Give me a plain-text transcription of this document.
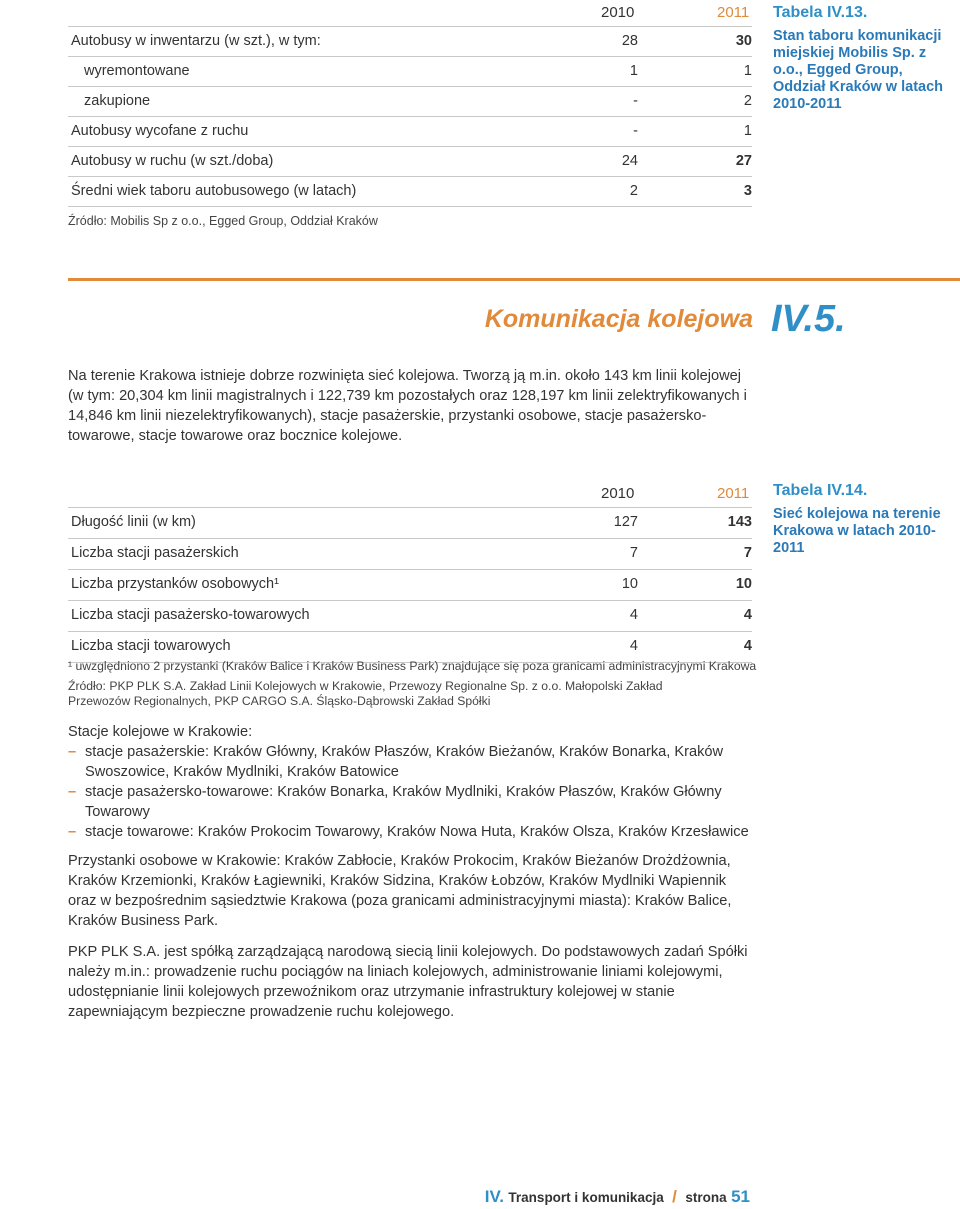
2010	2011
Autobusy w inwentarzu (w szt.), w tym:	28	30
wyremontowane	1	1
zakupione	-	2
Autobusy wycofane z ruchu	-	1
Autobusy w ruchu (w szt./doba)	24	27
Średni wiek taboru autobusowego (w latach)	2	3
Źródło: Mobilis Sp z o.o., Egged Group, Oddział Kraków
Tabela IV.13.
Stan taboru komunikacji miejskiej Mobilis Sp. z o.o., Egged Group, Oddział Kraków w latach 2010-2011
Komunikacja kolejowa IV.5.
Na terenie Krakowa istnieje dobrze rozwinięta sieć kolejowa. Tworzą ją m.in. około 143 km linii kolejowej (w tym: 20,304 km linii magistralnych i 122,739 km pozostałych oraz 128,197 km linii zelektryfikowanych i 14,846 km linii niezelektryfikowanych), stacje pasażerskie, przystanki osobowe, stacje pasażersko-towarowe, stacje towarowe oraz bocznice kolejowe.
2010	2011
Długość linii (w km)	127	143
Liczba stacji pasażerskich	7	7
Liczba przystanków osobowych¹	10	10
Liczba stacji pasażersko-towarowych	4	4
Liczba stacji towarowych	4	4
Tabela IV.14.
Sieć kolejowa na terenie Krakowa w latach 2010-2011
¹ uwzględniono 2 przystanki (Kraków Balice i Kraków Business Park) znajdujące się poza granicami administracyjnymi Krakowa
Źródło: PKP PLK S.A. Zakład Linii Kolejowych w Krakowie, Przewozy Regionalne Sp. z o.o. Małopolski Zakład Przewozów Regionalnych, PKP CARGO S.A. Śląsko-Dąbrowski Zakład Spółki

Stacje kolejowe w Krakowie:

– stacje pasażerskie: Kraków Główny, Kraków Płaszów, Kraków Bieżanów, Kraków Bonarka, Kraków Swoszowice, Kraków Mydlniki, Kraków Batowice
– stacje pasażersko-towarowe: Kraków Bonarka, Kraków Mydlniki, Kraków Płaszów, Kraków Główny Towarowy
– stacje towarowe: Kraków Prokocim Towarowy, Kraków Nowa Huta, Kraków Olsza, Kraków Krzesławice
Przystanki osobowe w Krakowie: Kraków Zabłocie, Kraków Prokocim, Kraków Bieżanów Drożdżownia, Kraków Krzemionki, Kraków Łagiewniki, Kraków Sidzina, Kraków Łobzów, Kraków Mydlniki Wapiennik oraz w bezpośrednim sąsiedztwie Krakowa (poza granicami administracyjnymi miasta): Kraków Balice, Kraków Business Park.
PKP PLK S.A. jest spółką zarządzającą narodową siecią linii kolejowych. Do podstawowych zadań Spółki należy m.in.: prowadzenie ruchu pociągów na liniach kolejowych, administrowanie liniami kolejowymi, udostępnianie linii kolejowych przewoźnikom oraz utrzymanie infrastruktury kolejowej w stanie zapewniającym bezpieczne prowadzenie ruchu kolejowego.
IV. Transport i komunikacja / strona 51
